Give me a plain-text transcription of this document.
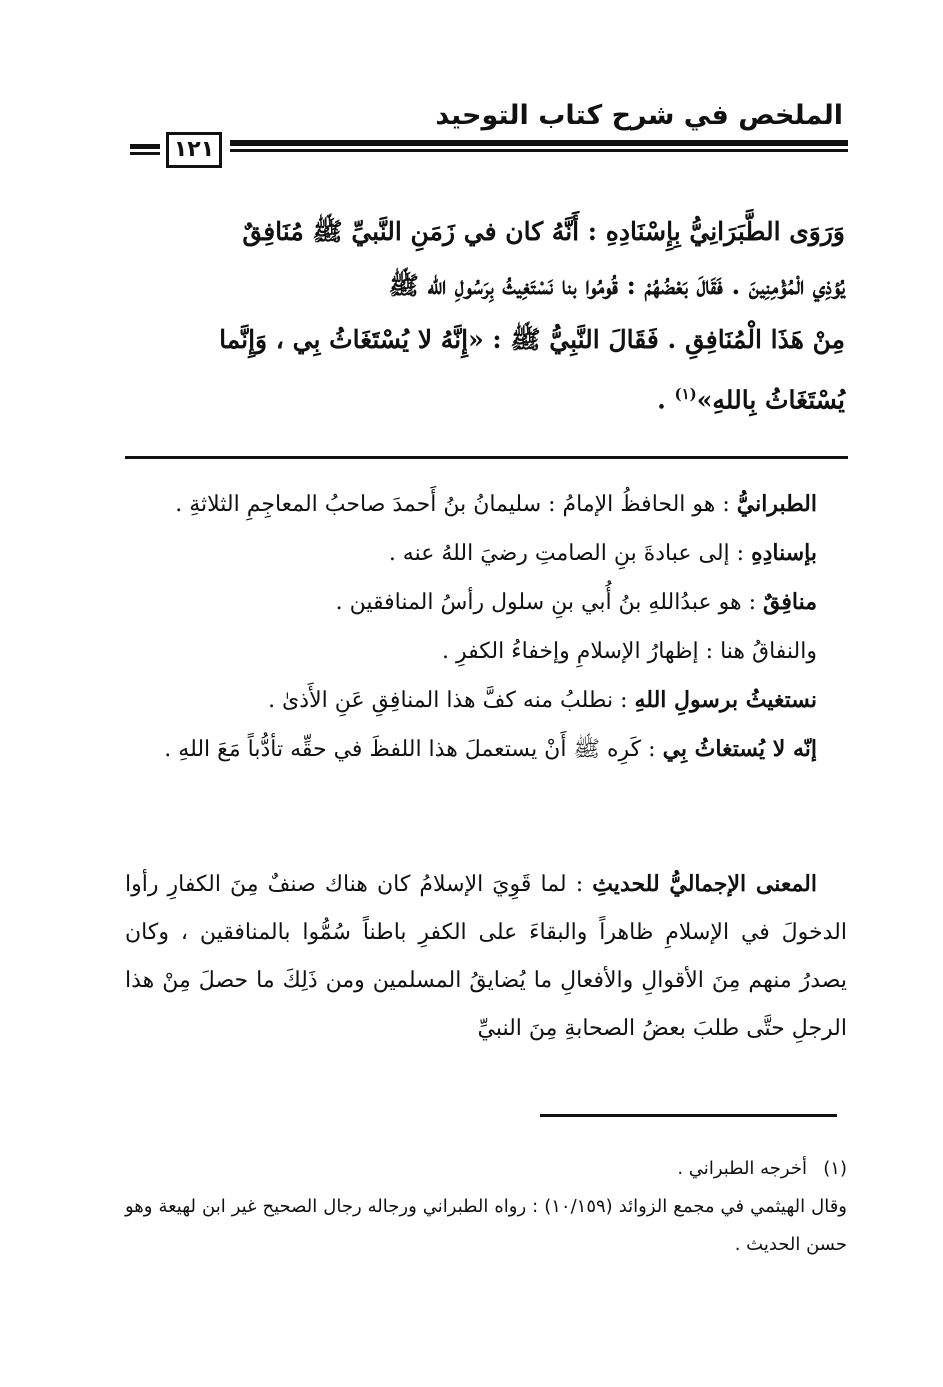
الملخص في شرح كتاب التوحيد
١٢١
وَرَوَى الطَّبَرَانِيُّ بِإِسْنَادِهِ : أَنَّهُ كان في زَمَنِ النَّبيِّ ﷺ مُنَافِقٌ
يُؤذِي الْمُؤْمِنِينَ . فَقَالَ بَعْضُهُمْ : قُومُوا بنا نَسْتَغِيثُ بِرَسُولِ الله ﷺ
مِنْ هَذَا الْمُنَافِقِ . فَقَالَ النَّبِيُّ ﷺ : «إِنَّهُ لا يُسْتَغَاثُ بِي ، وَإِنَّما
يُسْتَغَاثُ بِاللهِ»$^{(١)}$ .

الطبرانيُّ : هو الحافظُ الإمامُ : سليمانُ بنُ أَحمدَ صاحبُ المعاجِمِ الثلاثةِ .

بإسنادِهِ : إلى عبادةَ بنِ الصامتِ رضيَ اللهُ عنه .

منافِقٌ : هو عبدُاللهِ بنُ أُبي بنِ سلول رأسُ المنافقين .

والنفاقُ هنا : إظهارُ الإسلامِ وإخفاءُ الكفرِ .

نستغيثُ برسولِ اللهِ : نطلبُ منه كفَّ هذا المنافِقِ عَنِ الأَذىٰ .

إنّه لا يُستغاثُ بِي : كَرِه ﷺ أَنْ يستعملَ هذا اللفظَ في حقِّه تأدُّباً مَعَ اللهِ .

المعنى الإجماليُّ للحديثِ : لما قَوِيَ الإسلامُ كان هناك صنفٌ مِنَ الكفارِ رأوا الدخولَ في الإسلامِ ظاهراً والبقاءَ على الكفرِ باطناً سُمُّوا بالمنافقين ، وكان يصدرُ منهم مِنَ الأقوالِ والأفعالِ ما يُضايقُ المسلمين ومن ذَلِكَ ما حصلَ مِنْ هذا الرجلِ حتَّى طلبَ بعضُ الصحابةِ مِنَ النبيِّ

(١)أخرجه الطبراني .

وقال الهيثمي في مجمع الزوائد (١٠/١٥٩) : رواه الطبراني ورجاله رجال الصحيح غير ابن لهيعة وهو حسن الحديث .
